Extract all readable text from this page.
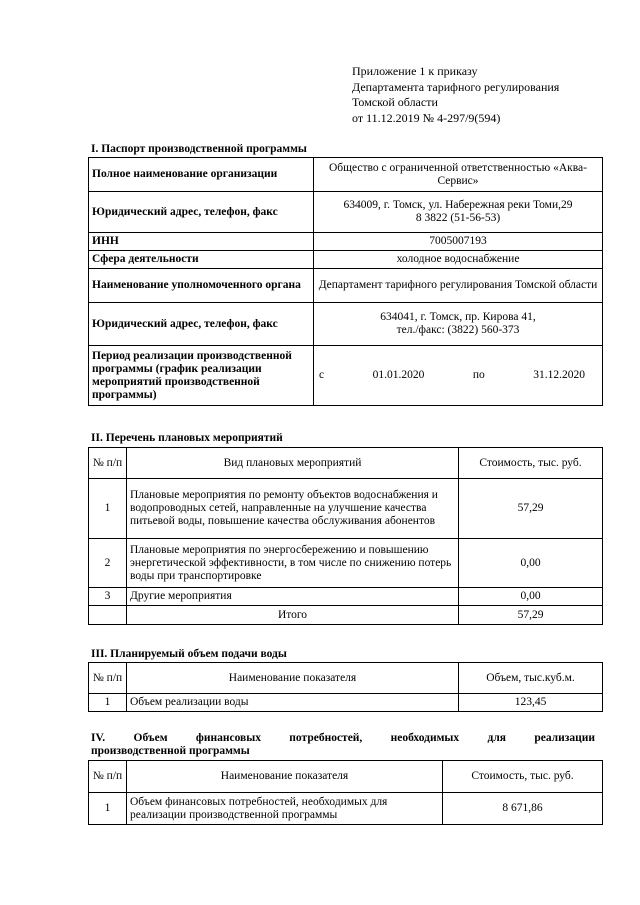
Приложение 1 к приказу
Департамента тарифного регулирования
Томской области
от 11.12.2019 № 4-297/9(594)
I. Паспорт производственной программы
Полное наименование организации	Общество с ограниченной ответственностью «Аква-Сервис»
Юридический адрес, телефон, факс	634009, г. Томск, ул. Набережная реки Томи,29
8 3822 (51-56-53)

ИНН	7005007193
Сфера деятельности	холодное водоснабжение
Наименование уполномоченного органа	Департамент тарифного регулирования Томской области
Юридический адрес, телефон, факс	634041, г. Томск, пр. Кирова 41,
тел./факс: (3822) 560-373

Период реализации производственной программы (график реализации мероприятий производственной программы)	с 01.01.2020 по 31.12.2020
II. Перечень плановых мероприятий
№ п/п	Вид плановых мероприятий	Стоимость, тыс. руб.
1	Плановые мероприятия по ремонту объектов водоснабжения и водопроводных сетей, направленные на улучшение качества питьевой воды, повышение качества обслуживания абонентов	57,29
2	Плановые мероприятия по энергосбережению и повышению энергетической эффективности, в том числе по снижению потерь воды при транспортировке	0,00
3	Другие мероприятия	0,00
	Итого	57,29
III. Планируемый объем подачи воды
№ п/п	Наименование показателя	Объем, тыс.куб.м.
1	Объем реализации воды	123,45
IV. Объем финансовых потребностей, необходимых для реализации
производственной программы
№ п/п	Наименование показателя	Стоимость, тыс. руб.
1	Объем финансовых потребностей, необходимых для реализации производственной программы	8 671,86
